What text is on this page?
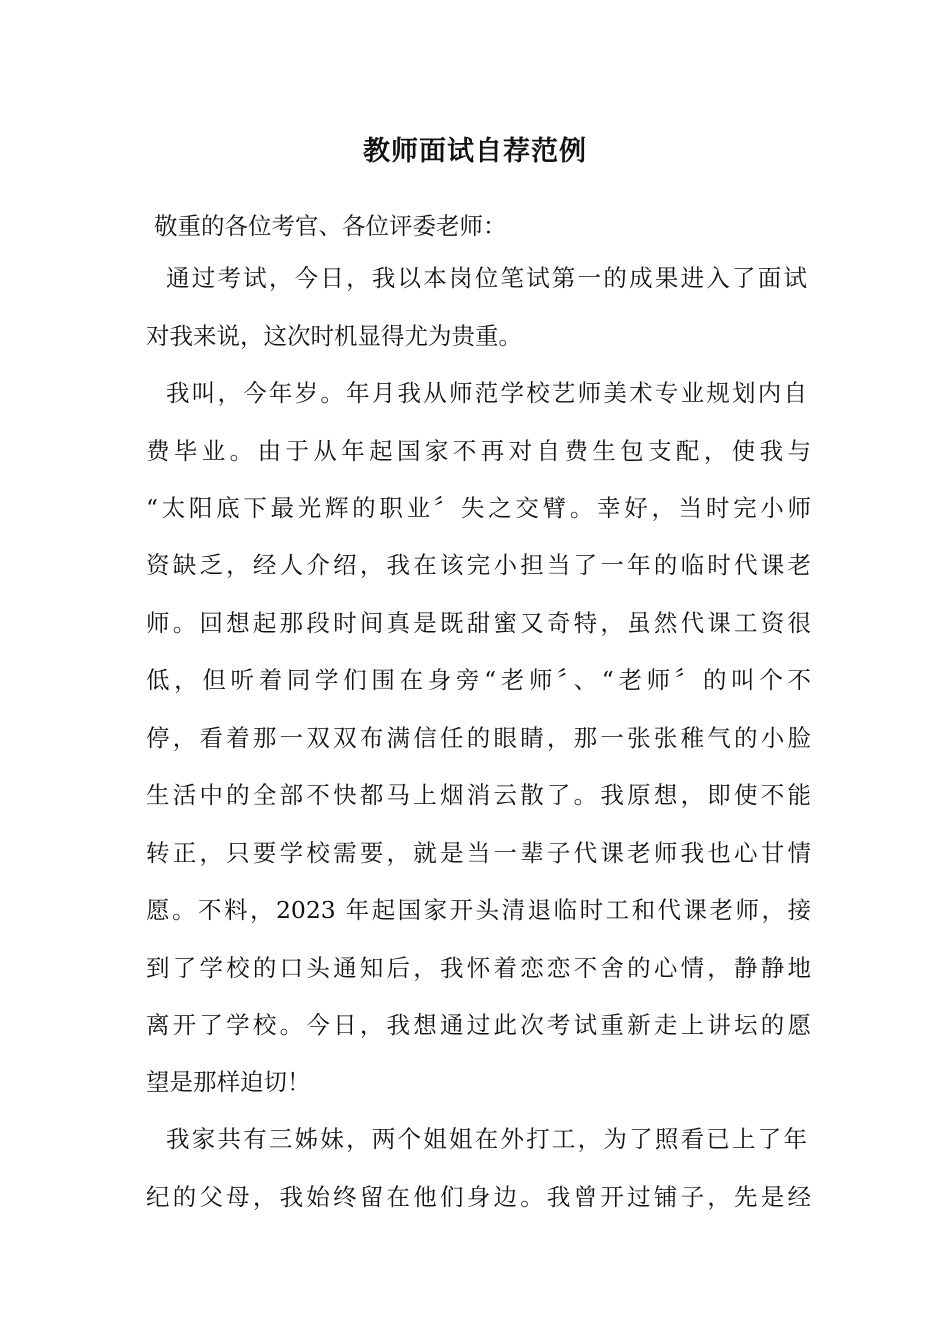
教师面试自荐范例

敬重的各位考官、各位评委老师：

通过考试，今日，我以本岗位笔试第一的成果进入了面试

对我来说，这次时机显得尤为贵重。

我叫，今年岁。年月我从师范学校艺师美术专业规划内自

费毕业。由于从年起国家不再对自费生包支配，使我与

“太阳底下最光辉的职业〞失之交臂。幸好，当时完小师

资缺乏，经人介绍，我在该完小担当了一年的临时代课老

师。回想起那段时间真是既甜蜜又奇特，虽然代课工资很

低，但听着同学们围在身旁“老师〞、“老师〞的叫个不

停，看着那一双双布满信任的眼睛，那一张张稚气的小脸

生活中的全部不快都马上烟消云散了。我原想，即使不能

转正，只要学校需要，就是当一辈子代课老师我也心甘情

愿。不料，2023 年起国家开头清退临时工和代课老师，接

到了学校的口头通知后，我怀着恋恋不舍的心情，静静地

离开了学校。今日，我想通过此次考试重新走上讲坛的愿

望是那样迫切！

我家共有三姊妹，两个姐姐在外打工，为了照看已上了年

纪的父母，我始终留在他们身边。我曾开过铺子，先是经
